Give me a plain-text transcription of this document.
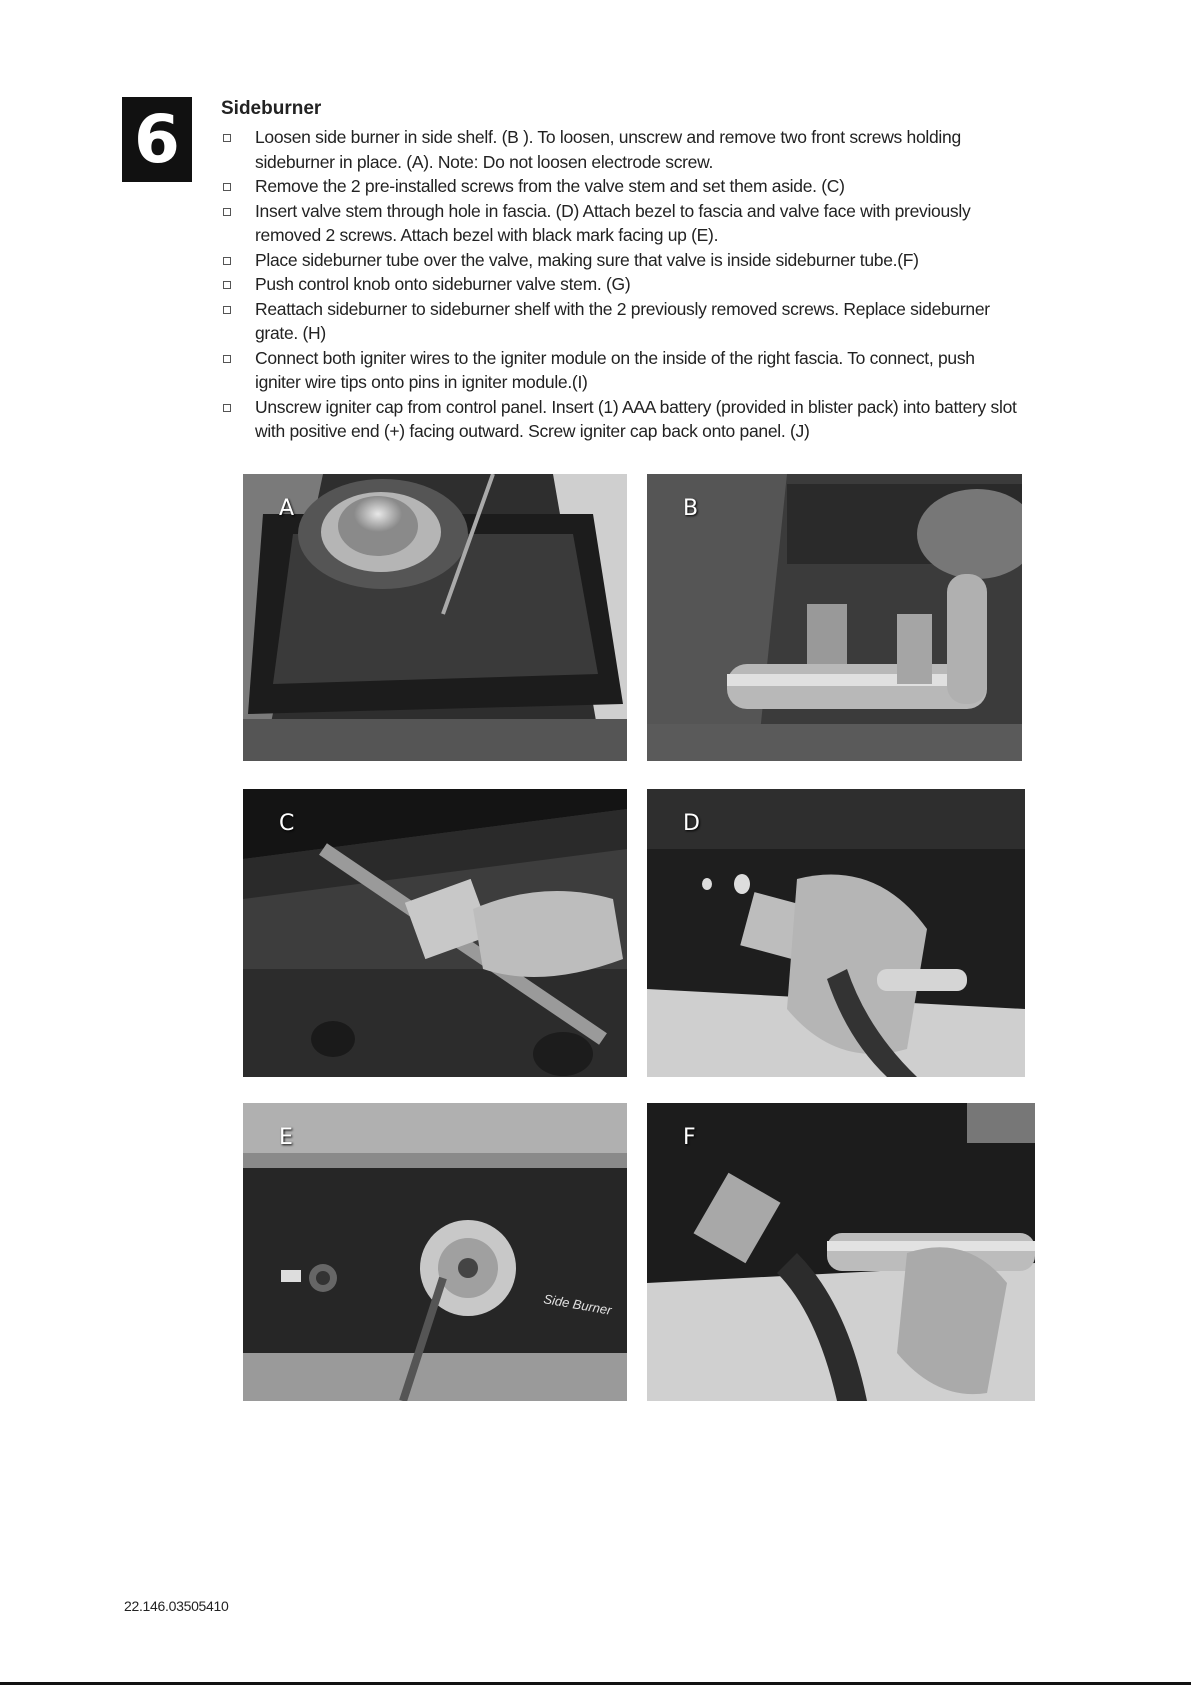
6	Sideburner
Loosen side burner in side shelf. (B ). To loosen, unscrew and remove two front screws holding sideburner in place. (A). Note: Do not loosen electrode screw.
Remove the 2 pre-installed screws from the valve stem and set them aside. (C)
Insert valve stem through hole in fascia. (D) Attach bezel to fascia and valve face with previously removed 2 screws. Attach bezel with black mark facing up (E).
Place sideburner tube over the valve, making sure that valve is inside sideburner tube.(F)
Push control knob onto sideburner valve stem. (G)
Reattach sideburner to sideburner shelf with the 2 previously removed screws. Replace sideburner grate. (H)
Connect both igniter wires to the igniter module on the inside of the right fascia. To connect, push igniter wire tips onto pins in igniter module.(I)
Unscrew igniter cap from control panel. Insert (1) AAA battery (provided in blister pack) into battery slot with positive end (+) facing outward. Screw igniter cap back onto panel. (J)
A	B
C	D
Side Burner
E	F
22.146.03505410
